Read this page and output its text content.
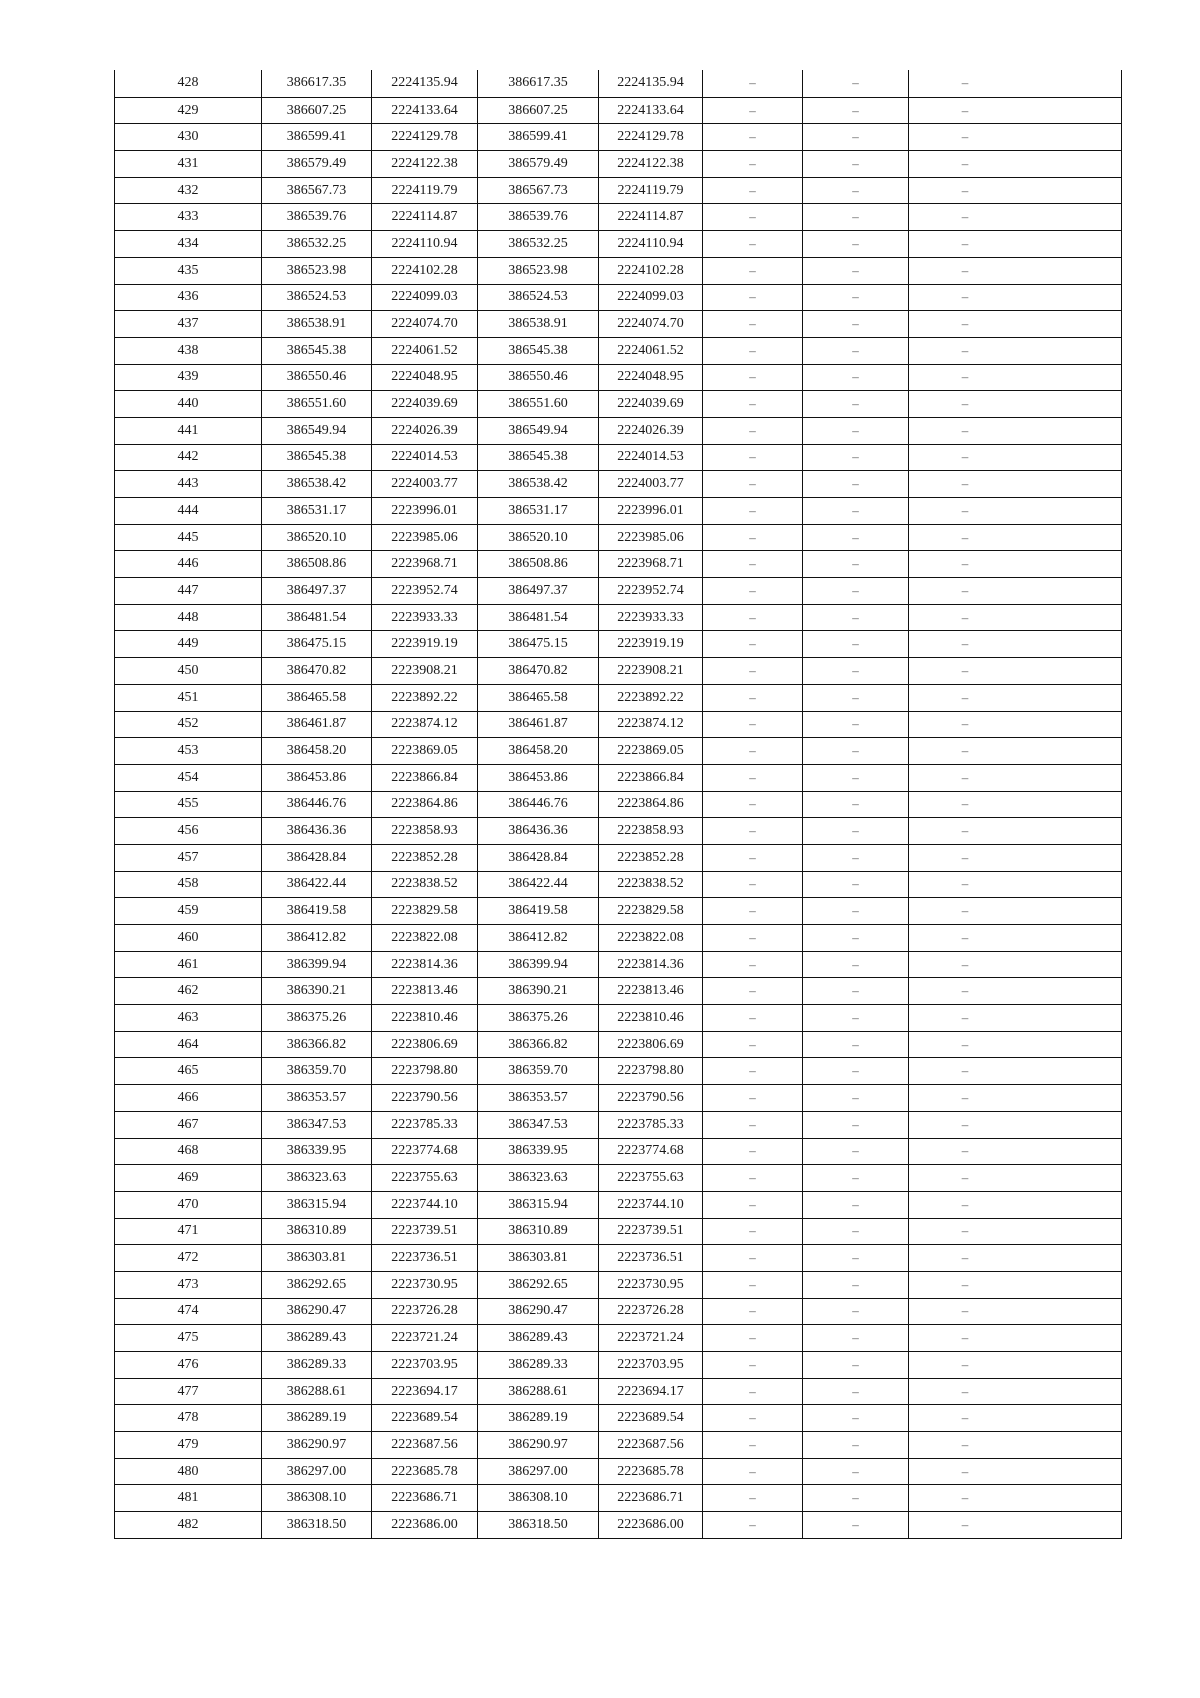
428	386617.35	2224135.94	386617.35	2224135.94	–	–	–
429	386607.25	2224133.64	386607.25	2224133.64	–	–	–
430	386599.41	2224129.78	386599.41	2224129.78	–	–	–
431	386579.49	2224122.38	386579.49	2224122.38	–	–	–
432	386567.73	2224119.79	386567.73	2224119.79	–	–	–
433	386539.76	2224114.87	386539.76	2224114.87	–	–	–
434	386532.25	2224110.94	386532.25	2224110.94	–	–	–
435	386523.98	2224102.28	386523.98	2224102.28	–	–	–
436	386524.53	2224099.03	386524.53	2224099.03	–	–	–
437	386538.91	2224074.70	386538.91	2224074.70	–	–	–
438	386545.38	2224061.52	386545.38	2224061.52	–	–	–
439	386550.46	2224048.95	386550.46	2224048.95	–	–	–
440	386551.60	2224039.69	386551.60	2224039.69	–	–	–
441	386549.94	2224026.39	386549.94	2224026.39	–	–	–
442	386545.38	2224014.53	386545.38	2224014.53	–	–	–
443	386538.42	2224003.77	386538.42	2224003.77	–	–	–
444	386531.17	2223996.01	386531.17	2223996.01	–	–	–
445	386520.10	2223985.06	386520.10	2223985.06	–	–	–
446	386508.86	2223968.71	386508.86	2223968.71	–	–	–
447	386497.37	2223952.74	386497.37	2223952.74	–	–	–
448	386481.54	2223933.33	386481.54	2223933.33	–	–	–
449	386475.15	2223919.19	386475.15	2223919.19	–	–	–
450	386470.82	2223908.21	386470.82	2223908.21	–	–	–
451	386465.58	2223892.22	386465.58	2223892.22	–	–	–
452	386461.87	2223874.12	386461.87	2223874.12	–	–	–
453	386458.20	2223869.05	386458.20	2223869.05	–	–	–
454	386453.86	2223866.84	386453.86	2223866.84	–	–	–
455	386446.76	2223864.86	386446.76	2223864.86	–	–	–
456	386436.36	2223858.93	386436.36	2223858.93	–	–	–
457	386428.84	2223852.28	386428.84	2223852.28	–	–	–
458	386422.44	2223838.52	386422.44	2223838.52	–	–	–
459	386419.58	2223829.58	386419.58	2223829.58	–	–	–
460	386412.82	2223822.08	386412.82	2223822.08	–	–	–
461	386399.94	2223814.36	386399.94	2223814.36	–	–	–
462	386390.21	2223813.46	386390.21	2223813.46	–	–	–
463	386375.26	2223810.46	386375.26	2223810.46	–	–	–
464	386366.82	2223806.69	386366.82	2223806.69	–	–	–
465	386359.70	2223798.80	386359.70	2223798.80	–	–	–
466	386353.57	2223790.56	386353.57	2223790.56	–	–	–
467	386347.53	2223785.33	386347.53	2223785.33	–	–	–
468	386339.95	2223774.68	386339.95	2223774.68	–	–	–
469	386323.63	2223755.63	386323.63	2223755.63	–	–	–
470	386315.94	2223744.10	386315.94	2223744.10	–	–	–
471	386310.89	2223739.51	386310.89	2223739.51	–	–	–
472	386303.81	2223736.51	386303.81	2223736.51	–	–	–
473	386292.65	2223730.95	386292.65	2223730.95	–	–	–
474	386290.47	2223726.28	386290.47	2223726.28	–	–	–
475	386289.43	2223721.24	386289.43	2223721.24	–	–	–
476	386289.33	2223703.95	386289.33	2223703.95	–	–	–
477	386288.61	2223694.17	386288.61	2223694.17	–	–	–
478	386289.19	2223689.54	386289.19	2223689.54	–	–	–
479	386290.97	2223687.56	386290.97	2223687.56	–	–	–
480	386297.00	2223685.78	386297.00	2223685.78	–	–	–
481	386308.10	2223686.71	386308.10	2223686.71	–	–	–
482	386318.50	2223686.00	386318.50	2223686.00	–	–	–
